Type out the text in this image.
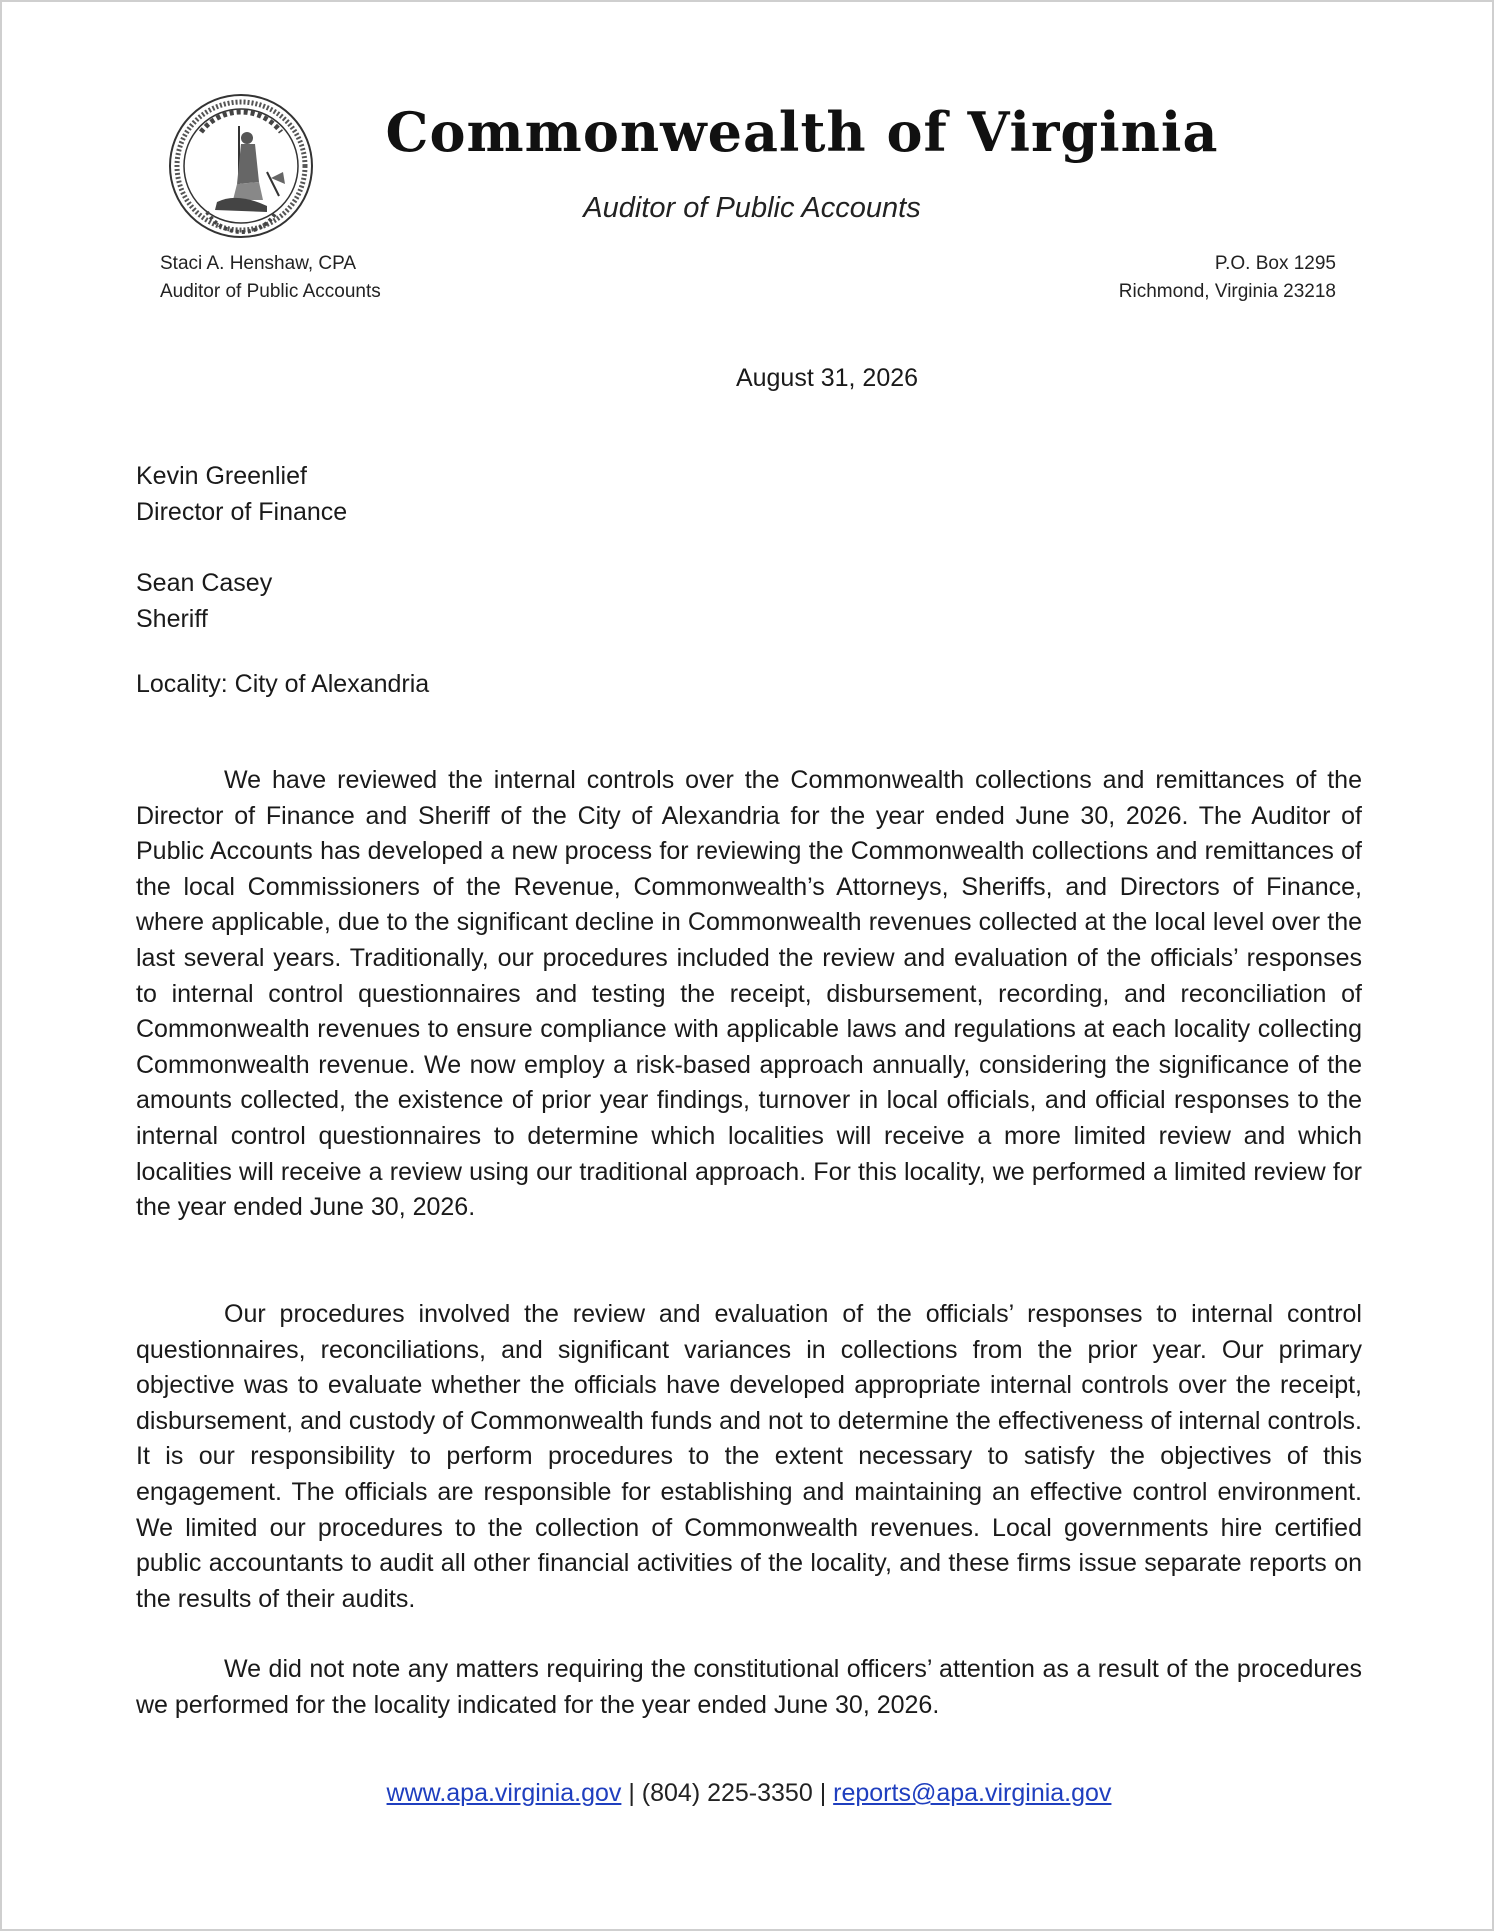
Commonwealth of Virginia
Auditor of Public Accounts
Staci A. Henshaw, CPA
Auditor of Public Accounts
P.O. Box 1295
Richmond, Virginia 23218
August 31, 2026
Kevin Greenlief
Director of Finance
Sean Casey
Sheriff
Locality: City of Alexandria
We have reviewed the internal controls over the Commonwealth collections and remittances of the Director of Finance and Sheriff of the City of Alexandria for the year ended June 30, 2026. The Auditor of Public Accounts has developed a new process for reviewing the Commonwealth collections and remittances of the local Commissioners of the Revenue, Commonwealth’s Attorneys, Sheriffs, and Directors of Finance, where applicable, due to the significant decline in Commonwealth revenues collected at the local level over the last several years. Traditionally, our procedures included the review and evaluation of the officials’ responses to internal control questionnaires and testing the receipt, disbursement, recording, and reconciliation of Commonwealth revenues to ensure compliance with applicable laws and regulations at each locality collecting Commonwealth revenue. We now employ a risk-based approach annually, considering the significance of the amounts collected, the existence of prior year findings, turnover in local officials, and official responses to the internal control questionnaires to determine which localities will receive a more limited review and which localities will receive a review using our traditional approach. For this locality, we performed a limited review for the year ended June 30, 2026.
Our procedures involved the review and evaluation of the officials’ responses to internal control questionnaires, reconciliations, and significant variances in collections from the prior year. Our primary objective was to evaluate whether the officials have developed appropriate internal controls over the receipt, disbursement, and custody of Commonwealth funds and not to determine the effectiveness of internal controls. It is our responsibility to perform procedures to the extent necessary to satisfy the objectives of this engagement. The officials are responsible for establishing and maintaining an effective control environment. We limited our procedures to the collection of Commonwealth revenues. Local governments hire certified public accountants to audit all other financial activities of the locality, and these firms issue separate reports on the results of their audits.
We did not note any matters requiring the constitutional officers’ attention as a result of the procedures we performed for the locality indicated for the year ended June 30, 2026.
www.apa.virginia.gov | (804) 225-3350 | reports@apa.virginia.gov
